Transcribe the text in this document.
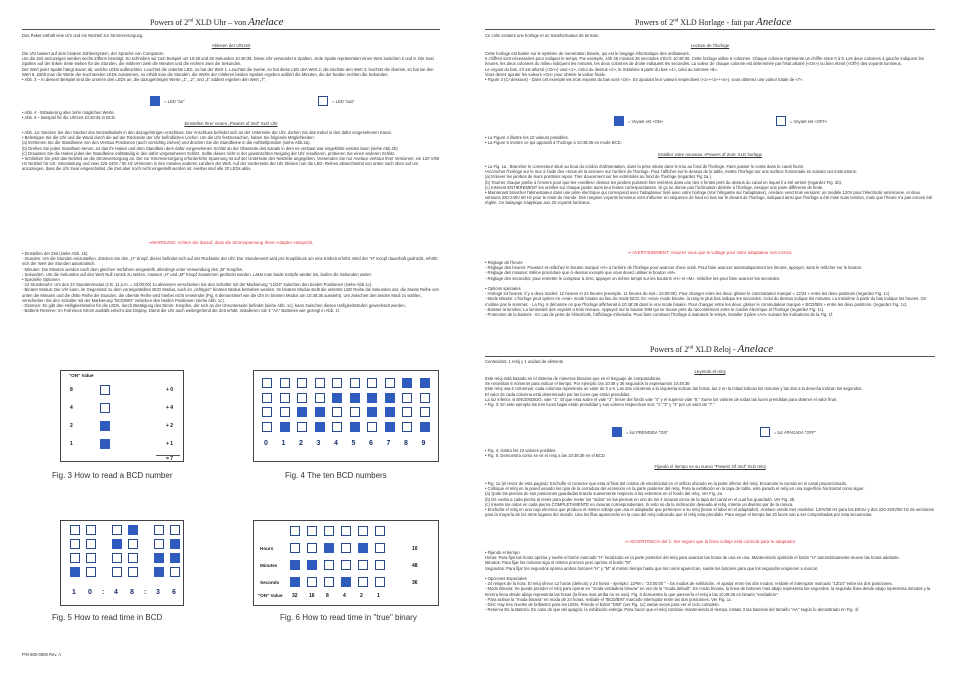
Powers of 2nd XLD Uhr – von Anelace
Das Paket enthält eine Uhr und ein Netzteil zur Stromversorgung.
Ablesen der Uhrzeit
Die Uhr basiert auf dem binären Zahlensystem, der Sprache von Computern.
Um die Zeit anzuzeigen werden sechs Zifferm benötigt. So schreiben wir zum Beispiel um 10:48 und 36 Sekunden 10:48:36. Diese Uhr verwendet 6 Spalten. Jede Spalte repräsentiert einen Wert zwischen 0 und 9. Die zwei Spalten auf der linken Seite stehen für die Stunden, die mittleren zwei die Minuten und die rechten zwei die Sekunden.
Der Wert jeder Spalte hängt davon ab, welche LEDs aufleuchten. Leuchtet die unterste LED, so hat der Wert 1. Leuchtet die zweite, so hat diese LED den Wert 2, die nächste den Wert 4, leuchtet die oberste, so hat sie den Wert 8. Zählt man die Werte der leuchtenden LEDs zusammen, so erhält man die Stunden, die Werte der mittleren beiden Spalten ergeben addiert die Minuten, die der beiden rechten die Sekunden.
• Abb. 3 – In diesem Beispiel sind die unteren drei LEDs an, die dazugehörigen Werte „1", „2", und „4" addiert ergeben den Wert „7".
= LED "an"	= LED "aus"
• Abb. 4 - Erläuterung aller zehn möglichen Werte.
• Abb. 5 – Beispiel für die Uhrzeit 10:48:36 in BCD.
Einstellen Ihrer neuen „Powers of 2nd" XLD Uhr
• Abb. 1a: Stecken Sie den Stecker des Netzteilkabels in den dazugehörigen Anschluss. Der Anschluss befindet sich an der Unterseite der Uhr. Ziehen Sie das Kabel in den dafür vorgesehenen Kanal.
• Befestigen Sie die Uhr und die Wand durch die auf der Rückseite der Uhr befindlichen Löcher. Um die Uhr festzumachen, haben Sie folgende Möglichkeiten:
(a) Entfernen Sie die Standbeine von den Verstau-Positionen (auch vorsichtig ziehen) und drücken Sie die Standbeine in die Aufstellposition (siehe Abb.2a).
(b) Drehen Sie jedes Standbein herum, so das ihr Haken und dem Standbein dem dafür vorgesehenen Schlitz an der Oberseite des Kanals in dem es verstaut war eingeklinkt werden kann (siehe Abb.2b)
(c) Draussen Sie die Haken jedes der Standbeine vollständig in den dafür vorgesehenen Schlitz. Sollte dieses nicht in der gewünschten Neigung der Uhr resultieren, probieren Sie einen anderen Schlitz.
• Schließen Sie jetzt das Netzteil an die Stromversorgung an. Die zur Stromversorgung erforderliche Spannung ist auf der Unterseite des Netzteils angegeben. Verwenden Sie nur Anelace vertraut Ihrer Versionen: ein 120 V/60 Hz Netzteil für US- Stromleitung und zwei 220-240V / 50 Hz Versionen in den meisten anderen Ländern der Welt. Auf der Vorderseite der Uhr blinken nun die LED- Reihen abwechselnd von unten nach oben auf um anzuzeigen, dass die Uhr zwar eingeschaltet, die Zeit aber noch nicht eingestellt worden ist. Hierbei sind alle 20 LEDs aktiv.
⇒WARNUNG: Achten Sie darauf, dass die Stromspannung Ihrem Adapter entspricht.
• Einstellen der Zeit (siehe Abb. 1b).
- Stunden: Um die Stunden einzustellen, drücken Sie den „H" Knopf, dieser befindet sich auf der Rückseite der Uhr. Der Stundenwert wird pro Knopfdruck um eine Einheit erhöht. Wird der "H" Knopf dauerhaft gedrückt, erhöht sich der Wert der Stunden automatisch.
- Minuten: Die Minuten werden nach dem gleichen Verfahren eingestellt, allerdings unter Verwendung des „M" Knopfes.
- Sekunden: Um die Sekunden auf den Wert Null zurück zu setzen, müssen „H" und „M" Knopf zusammen gedrückt werden. Lässt man beide Knöpfe wieder los, laufen die Sekunden weiter.
• Spezielle Optionen
- 24 Stundenuhr: Um den 24 Stundenmodus (z.B. 11 p.m. = 23:00:00) zu aktivieren verschieben Sie den Schalter mit der Markierung "12/24" zwischen den beiden Positionen (siehe Abb.1c).
- Binärer Modus: Die Uhr kann, im Gegensatz zu dem vorangestellten BCD Modus, auch im „richtigen" binären Modus betrieben werden. Im binären Modus stellt die unterste LED Reihe die Sekunden dar, die zweite Reihe von unten die Minuten und die dritte Reihe die Stunden, die oberste Reihe wird hierbei nicht verwendet (Fig. 6 demonstriert wie die Uhr im binären Modus um 10:48:36 aussieht). Um zwischen den beiden Modi zu wählen, verschieben Sie den Schalter mit der Markierung "BCD/BIN" zwischen den beiden Positionen (siehe Abb. 1c).
- Dimmen: Es gibt drei Helligkeitsstufen für die LEDs, durch Betätigung des Dimm- Knopfes, der sich an der Uhrunterseite befindet (siehe Abb. 1c), kann zwischen diesen Helligkeitsstufen gewechselt werden.
- Batterie Reserve: Im Fall eines Strom ausfalls erlischt das Display. Damit die Uhr auch weitergehend die Zeit erhält, installieren Sie 3 "AA" Batterien wie gezeigt in Abb. 1f.
Powers of 2nd XLD Horlage - fait par Anelace
Ce colis contient une horloge et un transformateur de tension.
Lecture de l'horloge
Cette horloge est basée sur le système de numération binaire, qui est le langage informatique des ordinateurs.
6 chiffres sont nécessaires pour indiquer le temps. Par exemple, 10h 48 minutes 36 secondes s'écrit: 10:48:36. Cette horloge utilise 6 colonnes. Chaque colonne représente un chiffre entre 0 à 9. Les deux colonnes à gauche indiquent les heures, les deux colonnes du milieu indiquent les minutes, les deux colonnes de droite indiquent les secondes. La valeur de chaque colonne est déterminée par l'état allumé («On») ou bien éteint («Off») des voyants lumineux.
Le voyant du bas, s'il est allumé («On») vaut «1». Celui du dessus «2», le troisième à partir du bas «4», celui au sommet «8».
Vous devez ajouter les valeurs «On» pour obtenir la valeur finale.
• Figure 3 (Ci-dessous) - Dans cet exemple les trois voyants du bas sont «On». En ajoutant leur valeurs respectives («1»+«2»+«4»), vous obtenez une valeur totale de «7».
= Voyant est «ON»	= Voyant est «OFF»
• La Figure 4 illustre les 10 valeurs possibles.
• La Figure 5 montre ce qui apparaît à l'horloge à 10:48:36 en mode BCD.
Installer votre nouveau «Powers of 2nd» XLD horlage
• La Fig. 1a : Brancher le connecteur situé au bout du cordon d'alimentation, dans la prise située dans le trou au fond de l'horloge. Faire passer le corde dans le canal fourni.
•Accrocher l'horloge sur le mur à l'aide des «trous de la serrure» sur l'arrière de l'horloge. Pour l'afficher sur le dessus de la table, mettre l'horloge sur une surface horizontale en suivant ces instructions:
(a) Enlever les jambes de leurs positions repos. Tirer doucement sur les extrémités au fond de l'horloge (regardez Fig 2a.).
(b) Tourner chaque jambe à l'envers pour que les «oreilles» dessus les jambes puissent être insérées dans une des 4 fentes près du dessus du canal en lequel il a été arrimé (regardez Fig. 2b).
(c) Insérent ENTIÈREMENT les oreilles sur chaque jambe dans leur fentes correspondantes. Si ça ne donne pas l'inclinaison désirée à l'horloge, essayer une paire différente de fente.
• Maintenant brancher l'alimentateur dans une prise électrique qui correspond avec l'adaptateur livré avec votre horloge (Voir l'étiquette sur l'adaptateur). Anelace vend trois versions: un modèle 120V pour l'électricité américaine, et deux versions 220-240V 50 Hz pour le reste du monde. Des rangées voyants lumineux vont s'allumer en séquence de haut en bas sur le devant de l'horloge, indiquant ainsi que l'horloge a été mise sous tension, mais que l'heure n'a pas encore été réglée. Ce balayage s'applique aux 20 voyants lumineux.
⇒ AVERTISSEMENT: Assurez vous que le voltage pour votre adaptateur soit correct.
• Réglage de l'heure
- Réglage des heures: Poussez et relâchez le bouton marqué «H» à l'arrière de l'horloge pour avancer d'une unité. Pour faire avancer automatiquement les heures, appuyer, sans le relâcher sur le bouton.
- Réglage des minutes: Même procédure que ci-dessus excepté que vous devez utiliser le bouton «M».
- Réglage des secondes: pour remettre le compteur à zéro; appuyer en même temps sur les boutons «H» et «M». relâcher les pour faire avancer les secondes.

• Options spéciales
- Horloge 24 heures: Il y a deux modes: 12 heures et 24 heures (exemple: 11 heures du soir= 23:00:00). Pour changer entre les deux: glisser le commutateur marqué « 12/24 » entre les deux positions (regardez Fig. 1c)
- Mode Binaire: L'horloge peut opérer en «vrai» mode binaire au lieu du mode BCD. En «vrai» mode binaire, la rang le plus bas indique les secondes. Celui du dessus indique les minutes. La troisième à partir du bas indique les heures. On n'utilise pas le sommet. - La Fig. 6 démontre ce que l'horloge afficherait à 10:48:36 dans le vrai mode binaire. Pour changer entre les deux: glisser le commutateur marqué « BCD/BIN » entre les deux positions. (regardez Fig. 1c).
- Baisser la lumière: La luminosité des voyants a trois niveaux. Appuyez sur le bouton DIM qui se trouve près du raccordement entre le cordon électrique et l'horloge (regardez Fig. 1c).
- Protection de la batterie : En cas de perte de l'électricité, l'affichage s'éteindra. Pour faire continuer l'horloge à maintenir le temps, installer 3 piles «AA» suivant les indications de la Fig. 1f.
Powers of 2nd XLD Reloj - Anelace
Contenidos: 1 reloj y 1 unidad de alimento
Leyendo el reloj
Este reloj está basado en el sistema de números binarios que es el lenguaje de computadoras.
Se necesitan 6 números para indicar el tiempo. Por ejemplo: las 10:48 y 36 segundos lo expresamos 10:48:36
Este reloj usa 6 columnas: cada columna representa un valor de 0 a 9. Las dos columnas a la izquierda indican las horas, las 2 en la mitad indican los minutos y las dos a la derecha indican los segundos.
El valor de cada columna está determinado por las luces que están prendidas.
La luz inferior, si ENCENDIDO, vale "1". El que esta sobre el vale "2", tercer del fondo vale "4" y el superior vale "8." Sume los valores de todas las luces prendidas para obtener el valor final.
• Fig. 3: En este ejemplo las tres luces bajas están prendidas y sus valores respectivos son: "1","2" y "4" por un valor de "7."
= luz PRENDIDA "ON"	= luz APAGADA "OFF"
• Fig. 4: Ilustra los 10 valores posibles.
• Fig. 5: Demuestra como se vé el reloj a las 10:48:36 en el BCD.
Fijando el tiempo en su nuevo "Powers Of 2nd" XLD reloj
• Fig. 1a (el revez de esta pagina): Enchufle el conector que esta al final del cordon de electricidad en el orificio ubicado en la parte inferior del reloj. Encamine la cuerda en el canal proporcionado.
• Colloque el reloj en la pared usando los ojos de la cerradura del accesorio en la parte posterior del reloj. Para la exhibición en la tapa de tabla, este parado el reloj en una superficie horizontal como sigue:
(a) Quite las piernas de sus posiciones guardadas tirando suavemente respecto a los extremos en el fondo del reloj. Ver Fig. 2a.
(b) Dé vuelta a cada pierna al revés para poder meter los "oídos" en las piernas en uno de los 4 ranuras cerca de la tapa del canal en el cual fue guardado. Ver Fig. 2b.
(c) Inserte los oidos en cada pierna COMPLETAMENTE en ranuras correspondientes. Si esto no da la inclinación deseada al reloj, intente un diverso par de la ranura.
• Enchufar el reloj en una caja electrica que produce el mismo voltaje que usa el adaptador que pertenece a su reloj (leave el label en el adaptador). Anelace vende tres modelos: 120V/60 Hz para los EEUU y dos 220-240V/50 Hz de versiones para la mayoría de los otros lugares del mundo. Una los filas aparecerán en la cara del reloj indicando que el reloj esta prendido. Para seguir el tiempo las 20 luces van a ser comprobadas por esta secuencias.
⇒ ADVERTENCIA del 1: Ser seguro que la línea voltaje está correcta para tu adaptador
• Fijando el tiempo
Horas: Para fijar las horas oprima y suelte el botón marcado "H" localizado en la parte posterior del reloj para avanzar las horas de una en una. Manteniendo oprimido el botón "H" automáticamente mueve las horas adelante.
Minutos: Para fijar los minutos siga el mismo proceso pero oprima el botón "M".
Segundos: Para fijar los segundos oprima ambos botones "H" y "M" al mismo tiempo hasta que los ceros aparezcan, suelte los botones para que los segundos empiecen a marcar.

• Opciones Especiales
- 24 relojes de la hora: El reloj ofrece 12 horas (defecto) y 24 horas - ejemplo: 11PM = "23:00:00 " - los modos de exhibición. Al ajustar entre los dos modos: resbale el interruptor marcado "12/24" entre las dos posiciones.
- Modo Binaria: Se puede prender el reloj para operar en "moda verdadera binaria" en vez de la "moda default". En modo binaria, la línea de botones mas abajo representa los segundos, la segunda linea desde abajo representa minutos y la tercera linea desde abajo representa las horas (la línea mas arriba no se usa). Fig. 6 demuestra lo que parecería el reloj a las 10:48:36 en binario "verdadero".
- Para activar la "moda binaria" en moda de 24 horas, resbale el "BCD/BIN" marcado interruptor entre las dos posiciones. Ver Fig. 1c.
- Dim: Hay tres niveles de brillantez para los LEDs. Prende el botón "DIM" (ver Fig. 1c) varias veces para ver el ciclo completo.
- Reserva De la Batería: En caso de que del apagón, la exhibición extinga. Para hacer que el reloj continúe manteniendo el tiempo, instale 3 las baterías del tamaño "AA" según lo demostrado en Fig. 1f.
"ON" Value
8	+ 0
4	+ 4
2	+ 2
1	+ 1
= 7
Fig. 3 How to read a BCD number
0 1 2 3 4 5 6 7 8 9
Fig. 4 The ten BCD numbers
1 0 : 4 8 : 3 6
Fig. 5 How to read time in BCD
Hours	10
Minutes	48
Seconds	36
"ON" Value 32 16 8	4	2	1
Fig. 6 How to read time in "true" binary
P/N 800-0006 Rev. A
